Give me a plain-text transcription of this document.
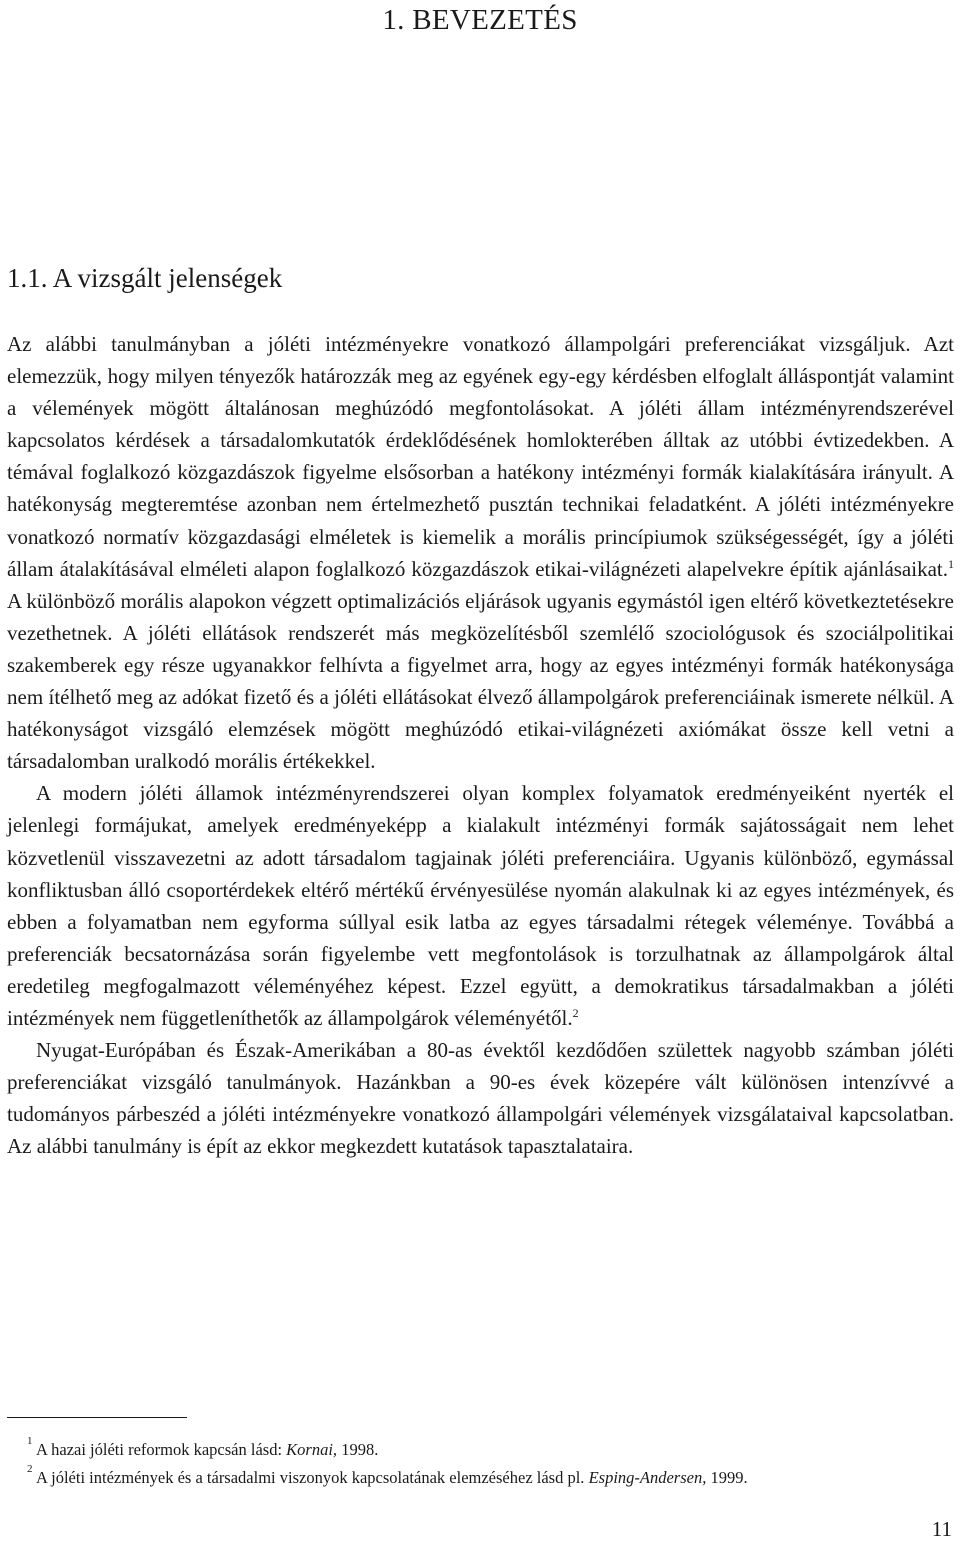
1. BEVEZETÉS
1.1. A vizsgált jelenségek

Az alábbi tanulmányban a jóléti intézményekre vonatkozó állampolgári preferenciákat vizsgáljuk. Azt elemezzük, hogy milyen tényezők határozzák meg az egyének egy-egy kérdésben elfoglalt álláspontját valamint a vélemények mögött általánosan meghúzódó megfontolásokat. A jóléti állam intézményrendszerével kapcsolatos kérdések a társadalomkutatók érdeklődésének homlokterében álltak az utóbbi évtizedekben. A témával foglalkozó közgazdászok figyelme elsősorban a hatékony intézményi formák kialakítására irányult. A hatékonyság megteremtése azonban nem értelmezhető pusztán technikai feladatként. A jóléti intézményekre vonatkozó normatív közgazdasági elméletek is kiemelik a morális princípiumok szükségességét, így a jóléti állam átalakításával elméleti alapon foglalkozó közgazdászok etikai-világnézeti alapelvekre építik ajánlásaikat.$^1$ A különböző morális alapokon végzett optimalizációs eljárások ugyanis egymástól igen eltérő következtetésekre vezethetnek. A jóléti ellátások rendszerét más megközelítésből szemlélő szociológusok és szociálpolitikai szakemberek egy része ugyanakkor felhívta a figyelmet arra, hogy az egyes intézményi formák hatékonysága nem ítélhető meg az adókat fizető és a jóléti ellátásokat élvező állampolgárok preferenciáinak ismerete nélkül. A hatékonyságot vizsgáló elemzések mögött meghúzódó etikai-világnézeti axiómákat össze kell vetni a társadalomban uralkodó morális értékekkel.

A modern jóléti államok intézményrendszerei olyan komplex folyamatok eredményeiként nyerték el jelenlegi formájukat, amelyek eredményeképp a kialakult intézményi formák sajátosságait nem lehet közvetlenül visszavezetni az adott társadalom tagjainak jóléti preferenciáira. Ugyanis különböző, egymással konfliktusban álló csoportérdekek eltérő mértékű érvényesülése nyomán alakulnak ki az egyes intézmények, és ebben a folyamatban nem egyforma súllyal esik latba az egyes társadalmi rétegek véleménye. Továbbá a preferenciák becsatornázása során figyelembe vett megfontolások is torzulhatnak az állampolgárok által eredetileg megfogalmazott véleményéhez képest. Ezzel együtt, a demokratikus társadalmakban a jóléti intézmények nem függetleníthetők az állampolgárok véleményétől.$^2$

Nyugat-Európában és Észak-Amerikában a 80-as évektől kezdődően születtek nagyobb számban jóléti preferenciákat vizsgáló tanulmányok. Hazánkban a 90-es évek közepére vált különösen intenzívvé a tudományos párbeszéd a jóléti intézményekre vonatkozó állampolgári vélemények vizsgálataival kapcsolatban. Az alábbi tanulmány is épít az ekkor megkezdett kutatások tapasztalataira.

1 A hazai jóléti reformok kapcsán lásd: Kornai, 1998.
2 A jóléti intézmények és a társadalmi viszonyok kapcsolatának elemzéséhez lásd pl. Esping-Andersen, 1999.
11
